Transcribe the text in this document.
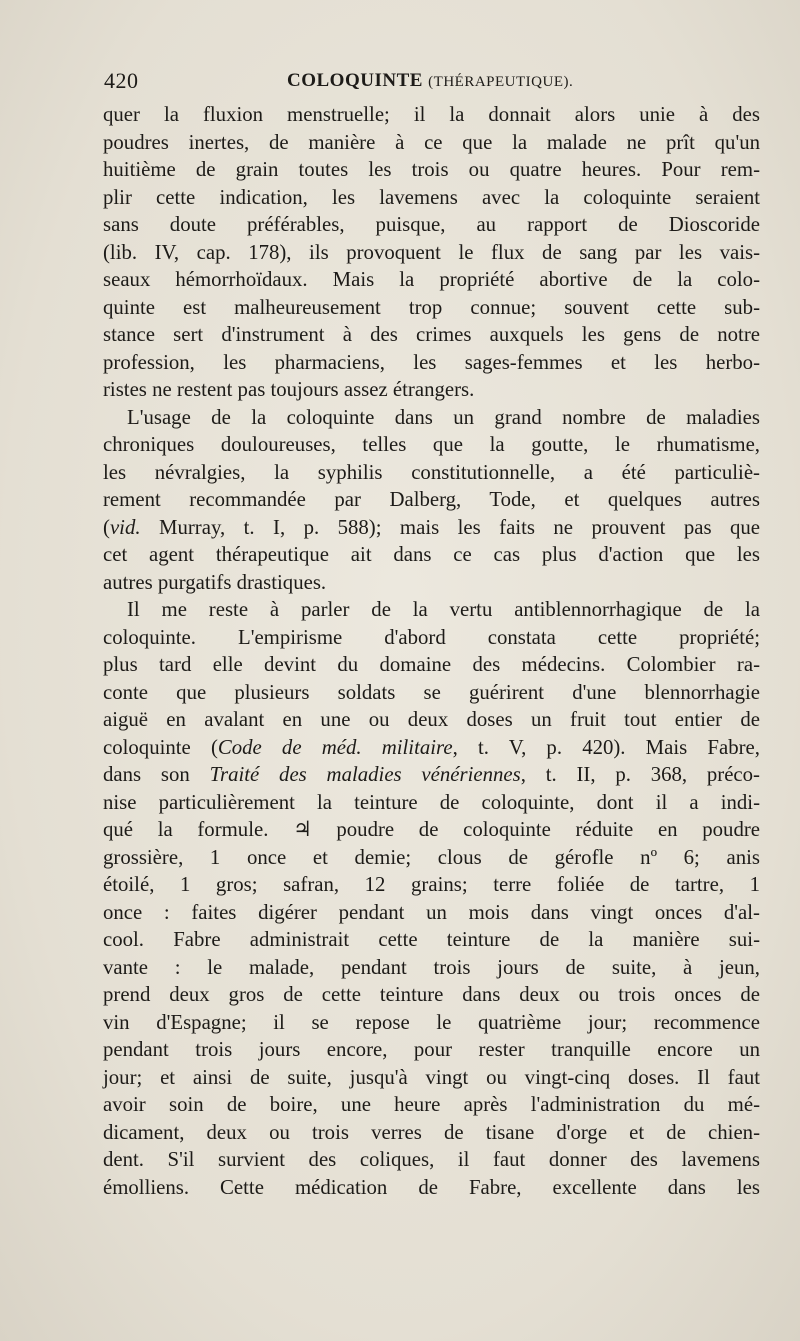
420	COLOQUINTE (THÉRAPEUTIQUE).
quer la fluxion menstruelle; il la donnait alors unie à des
poudres inertes, de manière à ce que la malade ne prît qu'un
huitième de grain toutes les trois ou quatre heures. Pour rem-
plir cette indication, les lavemens avec la coloquinte seraient
sans doute préférables, puisque, au rapport de Dioscoride
(lib. IV, cap. 178), ils provoquent le flux de sang par les vais-
seaux hémorrhoïdaux. Mais la propriété abortive de la colo-
quinte est malheureusement trop connue; souvent cette sub-
stance sert d'instrument à des crimes auxquels les gens de notre
profession, les pharmaciens, les sages-femmes et les herbo-
ristes ne restent pas toujours assez étrangers.
L'usage de la coloquinte dans un grand nombre de maladies
chroniques douloureuses, telles que la goutte, le rhumatisme,
les névralgies, la syphilis constitutionnelle, a été particuliè-
rement recommandée par Dalberg, Tode, et quelques autres
(vid. Murray, t. I, p. 588); mais les faits ne prouvent pas que
cet agent thérapeutique ait dans ce cas plus d'action que les
autres purgatifs drastiques.
Il me reste à parler de la vertu antiblennorrhagique de la
coloquinte. L'empirisme d'abord constata cette propriété;
plus tard elle devint du domaine des médecins. Colombier ra-
conte que plusieurs soldats se guérirent d'une blennorrhagie
aiguë en avalant en une ou deux doses un fruit tout entier de
coloquinte (Code de méd. militaire, t. V, p. 420). Mais Fabre,
dans son Traité des maladies vénériennes, t. II, p. 368, préco-
nise particulièrement la teinture de coloquinte, dont il a indi-
qué la formule. ♃ poudre de coloquinte réduite en poudre
grossière, 1 once et demie; clous de gérofle nº 6; anis
étoilé, 1 gros; safran, 12 grains; terre foliée de tartre, 1
once : faites digérer pendant un mois dans vingt onces d'al-
cool. Fabre administrait cette teinture de la manière sui-
vante : le malade, pendant trois jours de suite, à jeun,
prend deux gros de cette teinture dans deux ou trois onces de
vin d'Espagne; il se repose le quatrième jour; recommence
pendant trois jours encore, pour rester tranquille encore un
jour; et ainsi de suite, jusqu'à vingt ou vingt-cinq doses. Il faut
avoir soin de boire, une heure après l'administration du mé-
dicament, deux ou trois verres de tisane d'orge et de chien-
dent. S'il survient des coliques, il faut donner des lavemens
émolliens. Cette médication de Fabre, excellente dans les
